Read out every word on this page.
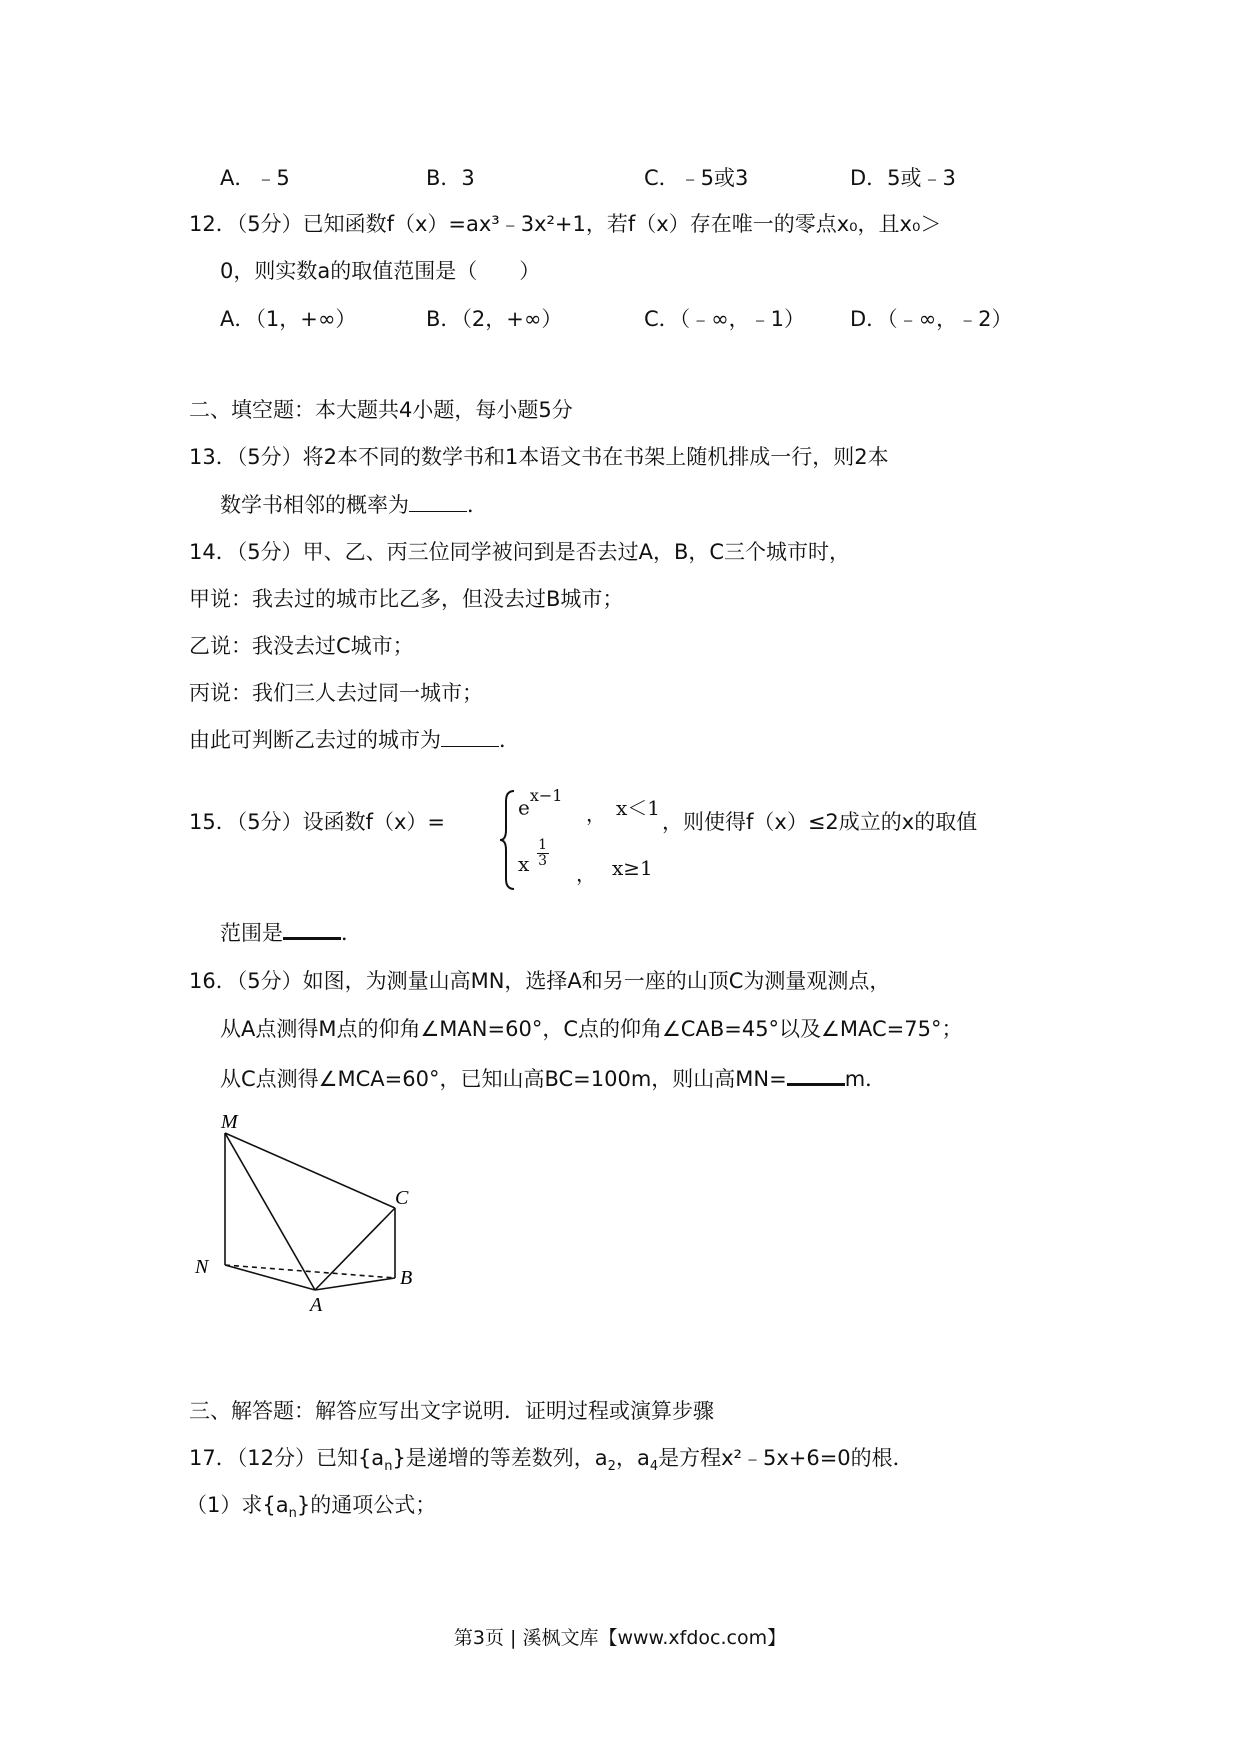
A．﹣5	B．3	C．﹣5或3	D．5或﹣3
12．（5分）已知函数f（x）=ax³﹣3x²+1，若f（x）存在唯一的零点x₀，且x₀＞
0，则实数a的取值范围是（　　）
A．（1，+∞）	B．（2，+∞）	C．（﹣∞，﹣1） D．（﹣∞，﹣2）
二、填空题：本大题共4小题，每小题5分
13．（5分）将2本不同的数学书和1本语文书在书架上随机排成一行，则2本
数学书相邻的概率为	．
14．（5分）甲、乙、丙三位同学被问到是否去过A，B，C三个城市时，
甲说：我去过的城市比乙多，但没去过B城市；
乙说：我没去过C城市；
丙说：我们三人去过同一城市；
由此可判断乙去过的城市为	．
15．（5分）设函数f（x）=
$e^{x-1}$
， x＜1
x $\frac{1}{3}$
， x≥1
，则使得f（x）≤2成立的x的取值
范围是	．
16．（5分）如图，为测量山高MN，选择A和另一座的山顶C为测量观测点，
从A点测得M点的仰角∠MAN=60°，C点的仰角∠CAB=45°以及∠MAC=75°；
从C点测得∠MCA=60°，已知山高BC=100m，则山高MN=	m．
M
N
A
B
C
三、解答题：解答应写出文字说明．证明过程或演算步骤
17．（12分）已知$\{a_n\}$是递增的等差数列，$a_2$，$a_4$是方程x²﹣5x+6=0的根．
（1）求$\{a_n\}$的通项公式；
第3页 | 溪枫文库【www.xfdoc.com】
